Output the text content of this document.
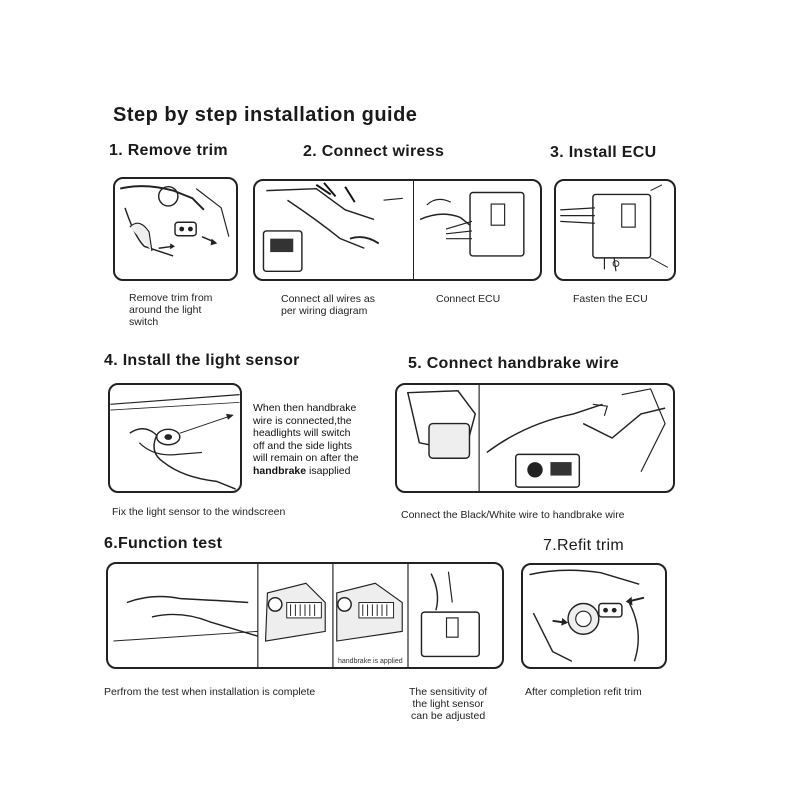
Step by step installation guide
1. Remove trim	2. Connect wiress	3. Install ECU
4. Install the light sensor	5. Connect handbrake wire
6.Function test	7.Refit trim
Remove trim from
around the light
switch
Connect all wires as
per wiring diagram
Connect ECU	Fasten the ECU
When then handbrake
wire is connected,the
headlights will switch
off and the side lights
will remain on after the
handbrake isapplied
Fix the light sensor to the windscreen	Connect the Black/White wire to handbrake wire
handbrake is applied
Perfrom the test when installation is complete	The sensitivity of
the light sensor
can be adjusted
After completion refit trim
